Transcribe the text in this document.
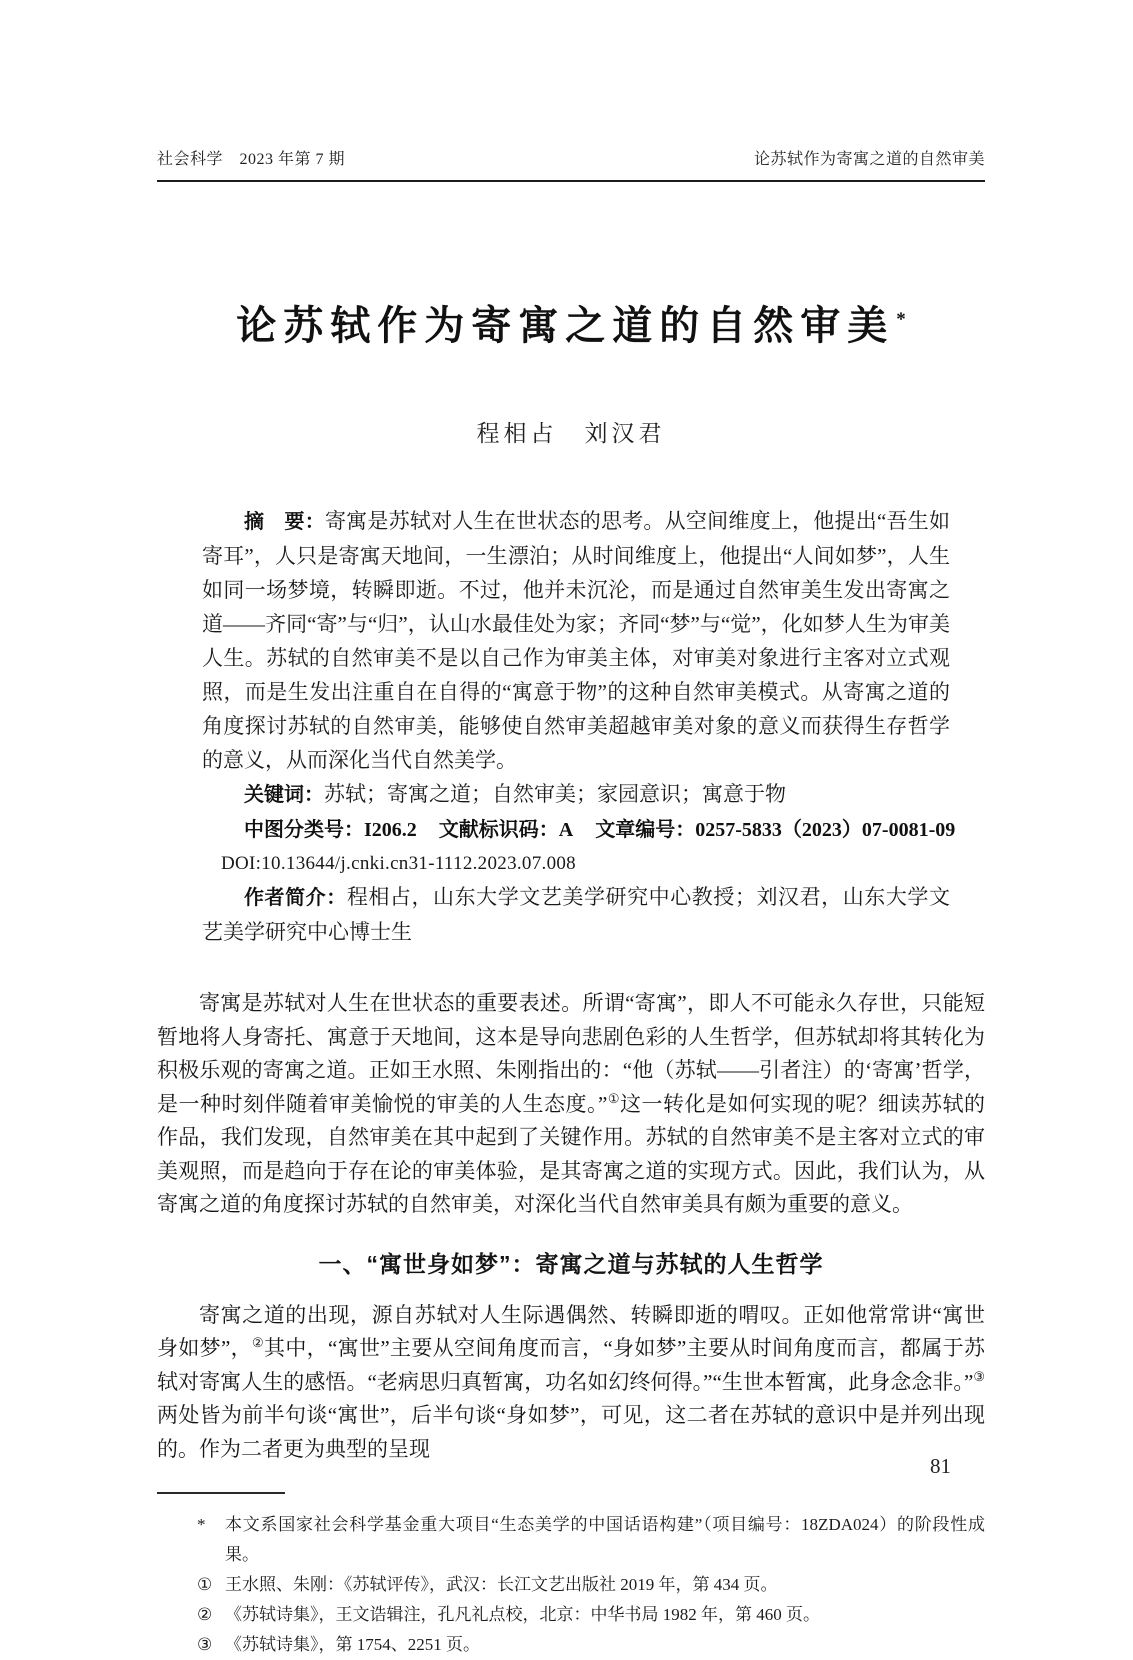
社会科学　2023 年第 7 期	论苏轼作为寄寓之道的自然审美
论苏轼作为寄寓之道的自然审美 *
程相占　刘汉君

摘　要：寄寓是苏轼对人生在世状态的思考。从空间维度上，他提出“吾生如寄耳”，人只是寄寓天地间，一生漂泊；从时间维度上，他提出“人间如梦”，人生如同一场梦境，转瞬即逝。不过，他并未沉沦，而是通过自然审美生发出寄寓之道——齐同“寄”与“归”，认山水最佳处为家；齐同“梦”与“觉”，化如梦人生为审美人生。苏轼的自然审美不是以自己作为审美主体，对审美对象进行主客对立式观照，而是生发出注重自在自得的“寓意于物”的这种自然审美模式。从寄寓之道的角度探讨苏轼的自然审美，能够使自然审美超越审美对象的意义而获得生存哲学的意义，从而深化当代自然美学。

关键词：苏轼；寄寓之道；自然审美；家园意识；寓意于物

中图分类号：I206.2 文献标识码：A 文章编号：0257-5833（2023）07-0081-09

DOI:10.13644/j.cnki.cn31-1112.2023.07.008

作者简介：程相占，山东大学文艺美学研究中心教授；刘汉君，山东大学文艺美学研究中心博士生

寄寓是苏轼对人生在世状态的重要表述。所谓“寄寓”，即人不可能永久存世，只能短暂地将人身寄托、寓意于天地间，这本是导向悲剧色彩的人生哲学，但苏轼却将其转化为积极乐观的寄寓之道。正如王水照、朱刚指出的：“他（苏轼——引者注）的‘寄寓’哲学，是一种时刻伴随着审美愉悦的审美的人生态度。”①这一转化是如何实现的呢？细读苏轼的作品，我们发现，自然审美在其中起到了关键作用。苏轼的自然审美不是主客对立式的审美观照，而是趋向于存在论的审美体验，是其寄寓之道的实现方式。因此，我们认为，从寄寓之道的角度探讨苏轼的自然审美，对深化当代自然审美具有颇为重要的意义。

一、“寓世身如梦”：寄寓之道与苏轼的人生哲学

寄寓之道的出现，源自苏轼对人生际遇偶然、转瞬即逝的喟叹。正如他常常讲“寓世身如梦”，②其中，“寓世”主要从空间角度而言，“身如梦”主要从时间角度而言，都属于苏轼对寄寓人生的感悟。“老病思归真暂寓，功名如幻终何得。”“生世本暂寓，此身念念非。”③两处皆为前半句谈“寓世”，后半句谈“身如梦”，可见，这二者在苏轼的意识中是并列出现的。作为二者更为典型的呈现

*	本文系国家社会科学基金重大项目“生态美学的中国话语构建”（项目编号：18ZDA024）的阶段性成果。
① 王水照、朱刚：《苏轼评传》，武汉：长江文艺出版社 2019 年，第 434 页。
② 《苏轼诗集》，王文诰辑注，孔凡礼点校，北京：中华书局 1982 年，第 460 页。
③ 《苏轼诗集》，第 1754、2251 页。
81
